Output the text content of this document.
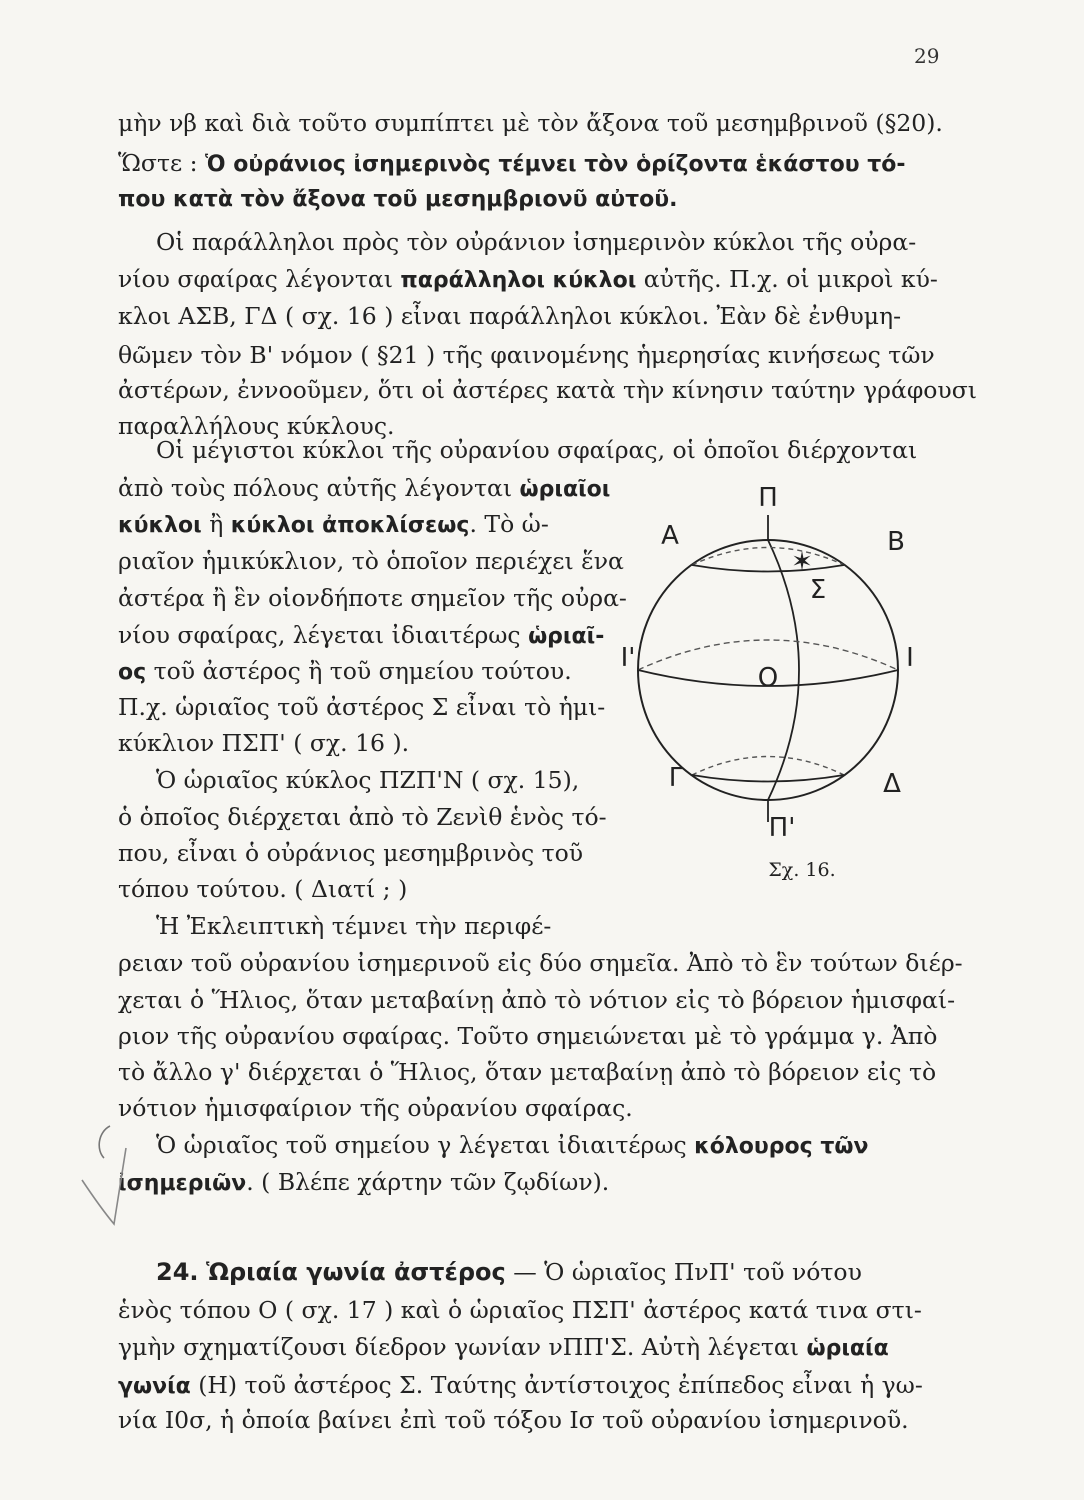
29
μὴν νβ καὶ διὰ τοῦτο συμπίπτει μὲ τὸν ἄξονα τοῦ μεσημβρινοῦ (§20).
Ὥστε : Ὁ οὐράνιος ἰσημερινὸς τέμνει τὸν ὁρίζοντα ἑκάστου τό-
που κατὰ τὸν ἄξονα τοῦ μεσημβριονῦ αὐτοῦ.
Οἱ παράλληλοι πρὸς τὸν οὐράνιον ἰσημερινὸν κύκλοι τῆς οὐρα-
νίου σφαίρας λέγονται παράλληλοι κύκλοι αὐτῆς. Π.χ. οἱ μικροὶ κύ-
κλοι ΑΣΒ, ΓΔ ( σχ. 16 ) εἶναι παράλληλοι κύκλοι. Ἐὰν δὲ ἐνθυμη-
θῶμεν τὸν Β' νόμον ( §21 ) τῆς φαινομένης ἡμερησίας κινήσεως τῶν
ἀστέρων, ἐννοοῦμεν, ὅτι οἱ ἀστέρες κατὰ τὴν κίνησιν ταύτην γράφουσι
παραλλήλους κύκλους.
Οἱ μέγιστοι κύκλοι τῆς οὐρανίου σφαίρας, οἱ ὁποῖοι διέρχονται
ἀπὸ τοὺς πόλους αὐτῆς λέγονται ὡριαῖοι
κύκλοι ἢ κύκλοι ἀποκλίσεως. Τὸ ὡ-
ριαῖον ἡμικύκλιον, τὸ ὁποῖον περιέχει ἕνα
ἀστέρα ἢ ἓν οἱονδήποτε σημεῖον τῆς οὐρα-
νίου σφαίρας, λέγεται ἰδιαιτέρως ὡριαῖ-
ος τοῦ ἀστέρος ἢ τοῦ σημείου τούτου.
Π.χ. ὡριαῖος τοῦ ἀστέρος Σ εἶναι τὸ ἡμι-
κύκλιον ΠΣΠ' ( σχ. 16 ).
Ὁ ὡριαῖος κύκλος ΠΖΠ'Ν ( σχ. 15),
ὁ ὁποῖος διέρχεται ἀπὸ τὸ Ζενὶθ ἑνὸς τό-
που, εἶναι ὁ οὐράνιος μεσημβρινὸς τοῦ
τόπου τούτου. ( Διατί ; )
Ἡ Ἐκλειπτικὴ τέμνει τὴν περιφέ-
ρειαν τοῦ οὐρανίου ἰσημερινοῦ εἰς δύο σημεῖα. Ἀπὸ τὸ ἓν τούτων διέρ-
χεται ὁ Ἥλιος, ὅταν μεταβαίνῃ ἀπὸ τὸ νότιον εἰς τὸ βόρειον ἡμισφαί-
ριον τῆς οὐρανίου σφαίρας. Τοῦτο σημειώνεται μὲ τὸ γράμμα γ. Ἀπὸ
τὸ ἄλλο γ' διέρχεται ὁ Ἥλιος, ὅταν μεταβαίνῃ ἀπὸ τὸ βόρειον εἰς τὸ
νότιον ἡμισφαίριον τῆς οὐρανίου σφαίρας.
Ὁ ὡριαῖος τοῦ σημείου γ λέγεται ἰδιαιτέρως κόλουρος τῶν
ἰσημεριῶν. ( Βλέπε χάρτην τῶν ζῳδίων).
24. Ὡριαία γωνία ἀστέρος — Ὁ ὡριαῖος ΠνΠ' τοῦ νότου
ἑνὸς τόπου Ο ( σχ. 17 ) καὶ ὁ ὡριαῖος ΠΣΠ' ἀστέρος κατά τινα στι-
γμὴν σχηματίζουσι δίεδρον γωνίαν νΠΠ'Σ. Αὐτὴ λέγεται ὡριαία
γωνία (Η) τοῦ ἀστέρος Σ. Ταύτης ἀντίστοιχος ἐπίπεδος εἶναι ἡ γω-
νία Ι0σ, ἡ ὁποία βαίνει ἐπὶ τοῦ τόξου Ισ τοῦ οὐρανίου ἰσημερινοῦ.
✶
Π
Α	Β
Σ
Ι'	Ι
Ο
Γ	Δ
Π'
Σχ. 16.
